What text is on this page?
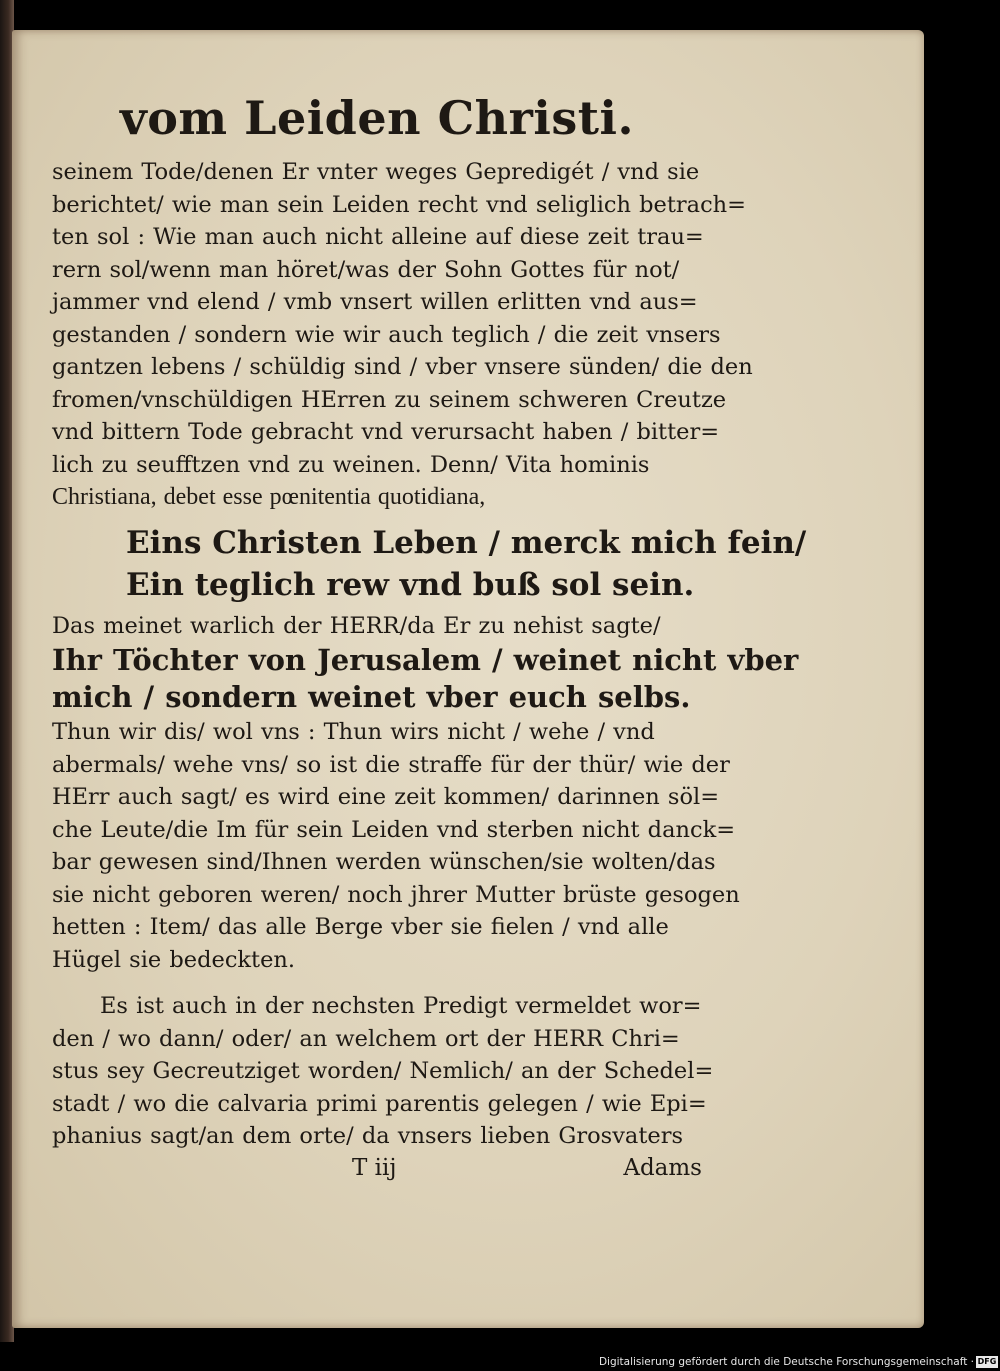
vom Leiden Christi.
seinem Tode/denen Er vnter weges Gepredigét / vnd sie
berichtet/ wie man sein Leiden recht vnd seliglich betrach=
ten sol : Wie man auch nicht alleine auf diese zeit trau=
rern sol/wenn man höret/was der Sohn Gottes für not/
jammer vnd elend / vmb vnsert willen erlitten vnd aus=
gestanden / sondern wie wir auch teglich / die zeit vnsers
gantzen lebens / schüldig sind / vber vnsere sünden/ die den
fromen/vnschüldigen HErren zu seinem schweren Creutze
vnd bittern Tode gebracht vnd verursacht haben / bitter=
lich zu seufftzen vnd zu weinen. Denn/ Vita hominis
Christiana, debet esse pœnitentia quotidiana,
Eins Christen Leben / merck mich fein/
Ein teglich rew vnd buß sol sein.
Das meinet warlich der HERR/da Er zu nehist sagte/
Ihr Töchter von Jerusalem / weinet nicht vber
mich / sondern weinet vber euch selbs.
Thun wir dis/ wol vns : Thun wirs nicht / wehe / vnd
abermals/ wehe vns/ so ist die straffe für der thür/ wie der
HErr auch sagt/ es wird eine zeit kommen/ darinnen söl=
che Leute/die Im für sein Leiden vnd sterben nicht danck=
bar gewesen sind/Ihnen werden wünschen/sie wolten/das
sie nicht geboren weren/ noch jhrer Mutter brüste gesogen
hetten : Item/ das alle Berge vber sie fielen / vnd alle
Hügel sie bedeckten.
Es ist auch in der nechsten Predigt vermeldet wor=
den / wo dann/ oder/ an welchem ort der HERR Chri=
stus sey Gecreutziget worden/ Nemlich/ an der Schedel=
stadt / wo die calvaria primi parentis gelegen / wie Epi=
phanius sagt/an dem orte/ da vnsers lieben Grosvaters
T iij	Adams
Digitalisierung gefördert durch die Deutsche Forschungsgemeinschaft · DFG
